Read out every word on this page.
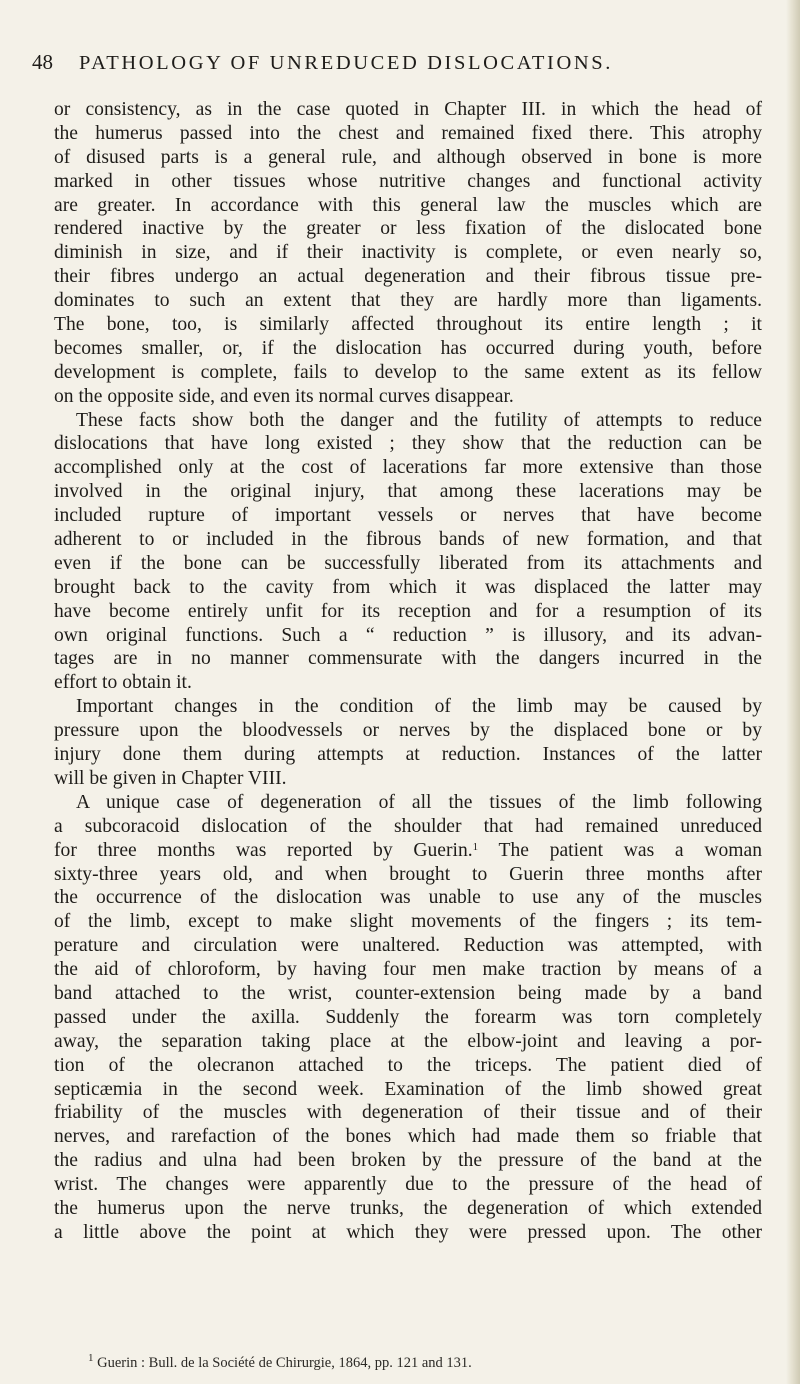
48 PATHOLOGY OF UNREDUCED DISLOCATIONS.
or consistency, as in the case quoted in Chapter III. in which the head of
the humerus passed into the chest and remained fixed there. This atrophy
of disused parts is a general rule, and although observed in bone is more
marked in other tissues whose nutritive changes and functional activity
are greater. In accordance with this general law the muscles which are
rendered inactive by the greater or less fixation of the dislocated bone
diminish in size, and if their inactivity is complete, or even nearly so,
their fibres undergo an actual degeneration and their fibrous tissue pre-
dominates to such an extent that they are hardly more than ligaments.
The bone, too, is similarly affected throughout its entire length ; it
becomes smaller, or, if the dislocation has occurred during youth, before
development is complete, fails to develop to the same extent as its fellow
on the opposite side, and even its normal curves disappear.
These facts show both the danger and the futility of attempts to reduce
dislocations that have long existed ; they show that the reduction can be
accomplished only at the cost of lacerations far more extensive than those
involved in the original injury, that among these lacerations may be
included rupture of important vessels or nerves that have become
adherent to or included in the fibrous bands of new formation, and that
even if the bone can be successfully liberated from its attachments and
brought back to the cavity from which it was displaced the latter may
have become entirely unfit for its reception and for a resumption of its
own original functions. Such a “ reduction ” is illusory, and its advan-
tages are in no manner commensurate with the dangers incurred in the
effort to obtain it.
Important changes in the condition of the limb may be caused by
pressure upon the bloodvessels or nerves by the displaced bone or by
injury done them during attempts at reduction. Instances of the latter
will be given in Chapter VIII.
A unique case of degeneration of all the tissues of the limb following
a subcoracoid dislocation of the shoulder that had remained unreduced
for three months was reported by Guerin.$^1$ The patient was a woman
sixty-three years old, and when brought to Guerin three months after
the occurrence of the dislocation was unable to use any of the muscles
of the limb, except to make slight movements of the fingers ; its tem-
perature and circulation were unaltered. Reduction was attempted, with
the aid of chloroform, by having four men make traction by means of a
band attached to the wrist, counter-extension being made by a band
passed under the axilla. Suddenly the forearm was torn completely
away, the separation taking place at the elbow-joint and leaving a por-
tion of the olecranon attached to the triceps. The patient died of
septicæmia in the second week. Examination of the limb showed great
friability of the muscles with degeneration of their tissue and of their
nerves, and rarefaction of the bones which had made them so friable that
the radius and ulna had been broken by the pressure of the band at the
wrist. The changes were apparently due to the pressure of the head of
the humerus upon the nerve trunks, the degeneration of which extended
a little above the point at which they were pressed upon. The other
$^1$ Guerin : Bull. de la Société de Chirurgie, 1864, pp. 121 and 131.
